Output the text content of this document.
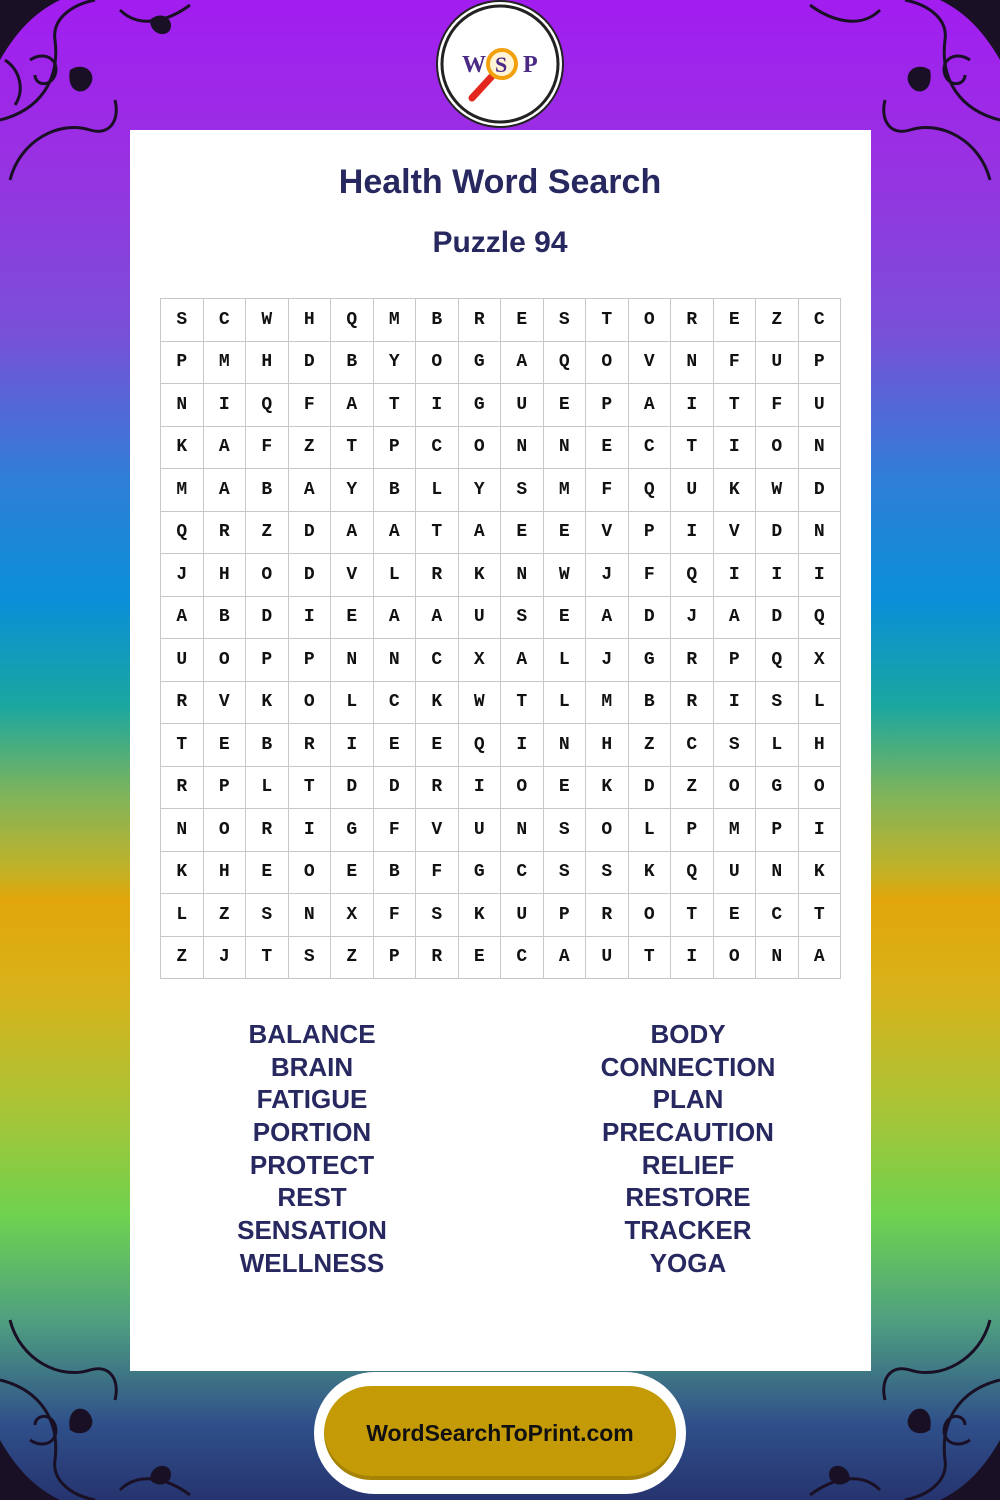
W S P
Health Word Search
Puzzle 94
S	C	W	H	Q	M	B	R	E	S	T	O	R	E	Z	C
P	M	H	D	B	Y	O	G	A	Q	O	V	N	F	U	P
N	I	Q	F	A	T	I	G	U	E	P	A	I	T	F	U
K	A	F	Z	T	P	C	O	N	N	E	C	T	I	O	N
M	A	B	A	Y	B	L	Y	S	M	F	Q	U	K	W	D
Q	R	Z	D	A	A	T	A	E	E	V	P	I	V	D	N
J	H	O	D	V	L	R	K	N	W	J	F	Q	I	I	I
A	B	D	I	E	A	A	U	S	E	A	D	J	A	D	Q
U	O	P	P	N	N	C	X	A	L	J	G	R	P	Q	X
R	V	K	O	L	C	K	W	T	L	M	B	R	I	S	L
T	E	B	R	I	E	E	Q	I	N	H	Z	C	S	L	H
R	P	L	T	D	D	R	I	O	E	K	D	Z	O	G	O
N	O	R	I	G	F	V	U	N	S	O	L	P	M	P	I
K	H	E	O	E	B	F	G	C	S	S	K	Q	U	N	K
L	Z	S	N	X	F	S	K	U	P	R	O	T	E	C	T
Z	J	T	S	Z	P	R	E	C	A	U	T	I	O	N	A
BALANCE
BRAIN
FATIGUE
PORTION
PROTECT
REST
SENSATION
WELLNESS
BODY
CONNECTION
PLAN
PRECAUTION
RELIEF
RESTORE
TRACKER
YOGA
WordSearchToPrint.com
